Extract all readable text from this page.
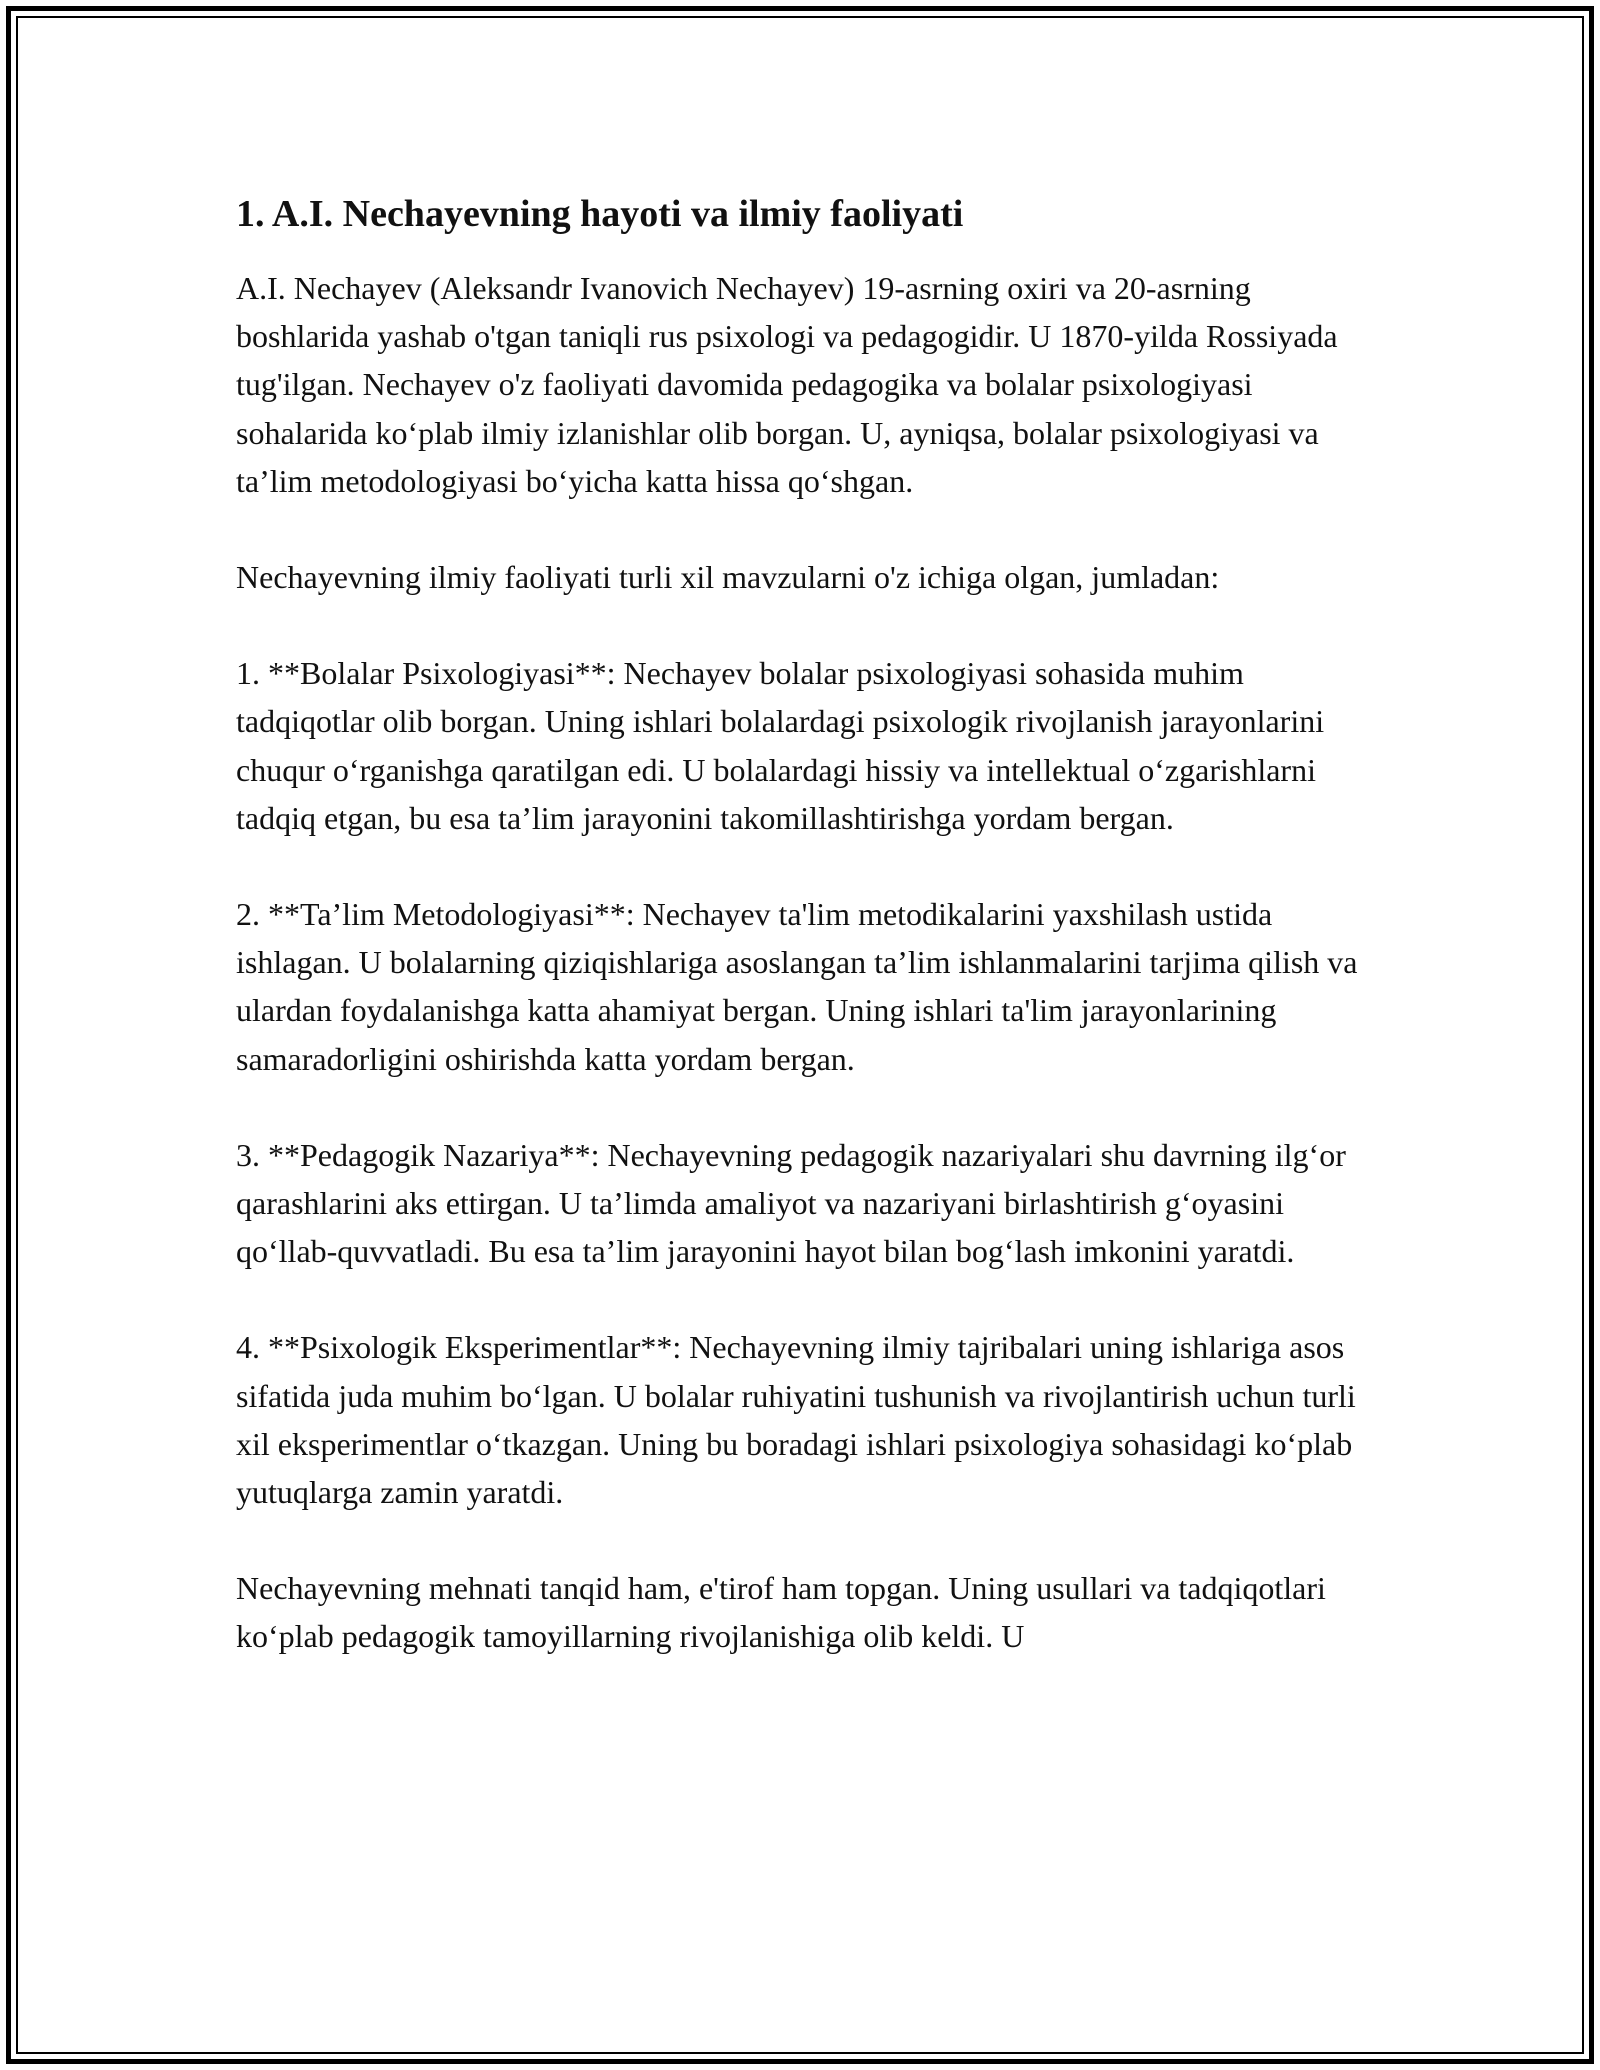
1. A.I. Nechayevning hayoti va ilmiy faoliyati

A.I. Nechayev (Aleksandr Ivanovich Nechayev) 19-asrning oxiri va 20-asrning boshlarida yashab o'tgan taniqli rus psixologi va pedagogidir. U 1870-yilda Rossiyada tug'ilgan. Nechayev o'z faoliyati davomida pedagogika va bolalar psixologiyasi sohalarida ko‘plab ilmiy izlanishlar olib borgan. U, ayniqsa, bolalar psixologiyasi va ta’lim metodologiyasi bo‘yicha katta hissa qo‘shgan.

Nechayevning ilmiy faoliyati turli xil mavzularni o'z ichiga olgan, jumladan:

1. **Bolalar Psixologiyasi**: Nechayev bolalar psixologiyasi sohasida muhim tadqiqotlar olib borgan. Uning ishlari bolalardagi psixologik rivojlanish jarayonlarini chuqur o‘rganishga qaratilgan edi. U bolalardagi hissiy va intellektual o‘zgarishlarni tadqiq etgan, bu esa ta’lim jarayonini takomillashtirishga yordam bergan.

2. **Ta’lim Metodologiyasi**: Nechayev ta'lim metodikalarini yaxshilash ustida ishlagan. U bolalarning qiziqishlariga asoslangan ta’lim ishlanmalarini tarjima qilish va ulardan foydalanishga katta ahamiyat bergan. Uning ishlari ta'lim jarayonlarining samaradorligini oshirishda katta yordam bergan.

3. **Pedagogik Nazariya**: Nechayevning pedagogik nazariyalari shu davrning ilg‘or qarashlarini aks ettirgan. U ta’limda amaliyot va nazariyani birlashtirish g‘oyasini qo‘llab-quvvatladi. Bu esa ta’lim jarayonini hayot bilan bog‘lash imkonini yaratdi.

4. **Psixologik Eksperimentlar**: Nechayevning ilmiy tajribalari uning ishlariga asos sifatida juda muhim bo‘lgan. U bolalar ruhiyatini tushunish va rivojlantirish uchun turli xil eksperimentlar o‘tkazgan. Uning bu boradagi ishlari psixologiya sohasidagi ko‘plab yutuqlarga zamin yaratdi.

Nechayevning mehnati tanqid ham, e'tirof ham topgan. Uning usullari va tadqiqotlari ko‘plab pedagogik tamoyillarning rivojlanishiga olib keldi. U
